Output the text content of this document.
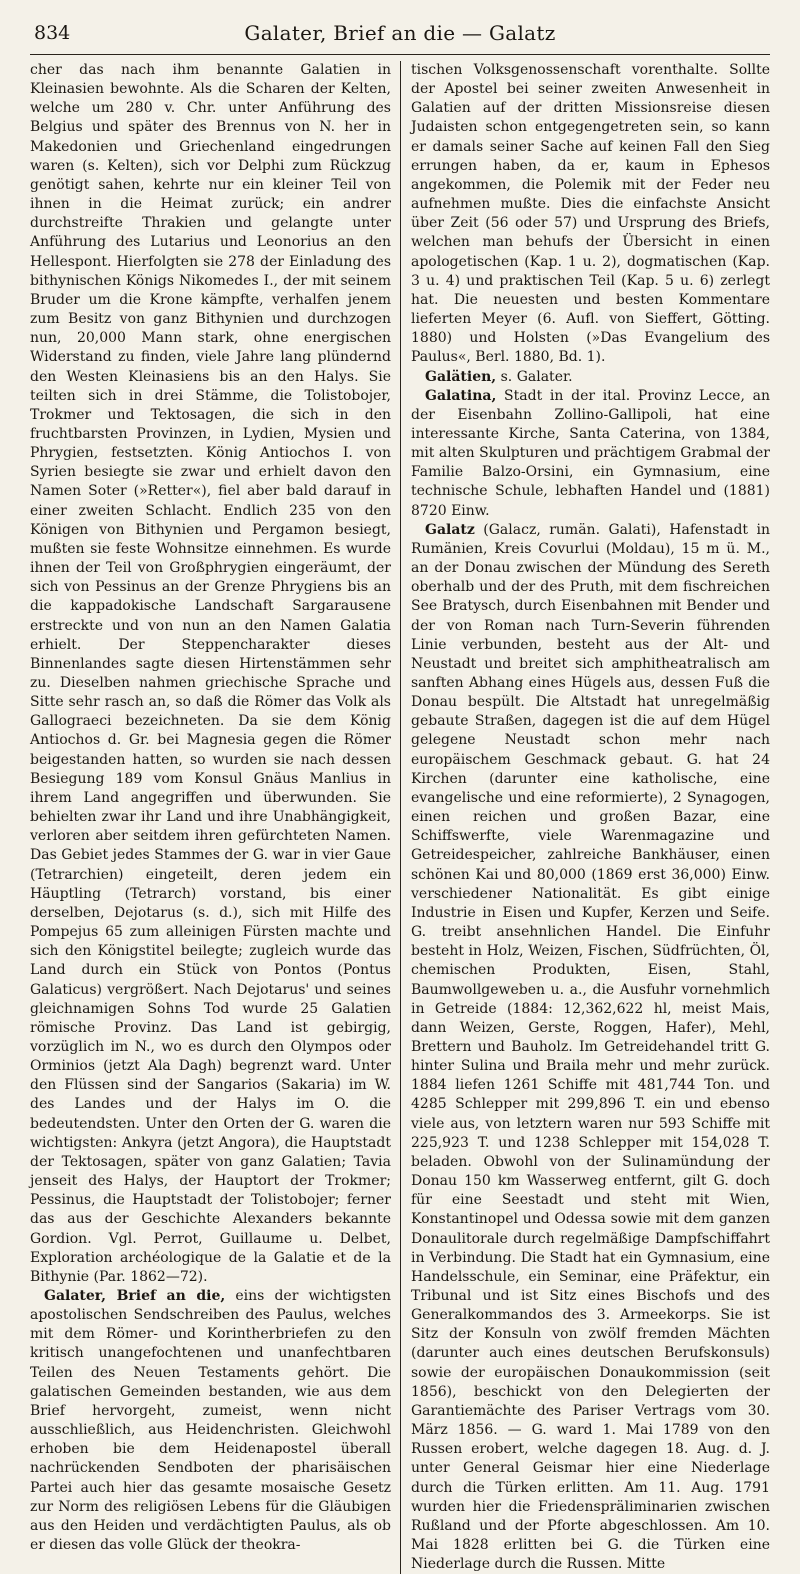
834	Galater, Brief an die — Galatz

cher das nach ihm benannte Galatien in Kleinasien bewohnte. Als die Scharen der Kelten, welche um 280 v. Chr. unter Anführung des Belgius und später des Brennus von N. her in Makedonien und Griechenland eingedrungen waren (s. Kelten), sich vor Delphi zum Rückzug genötigt sahen, kehrte nur ein kleiner Teil von ihnen in die Heimat zurück; ein andrer durchstreifte Thrakien und gelangte unter Anführung des Lutarius und Leonorius an den Hellespont. Hierfolgten sie 278 der Einladung des bithynischen Königs Nikomedes I., der mit seinem Bruder um die Krone kämpfte, verhalfen jenem zum Besitz von ganz Bithynien und durchzogen nun, 20,000 Mann stark, ohne energischen Widerstand zu finden, viele Jahre lang plündernd den Westen Kleinasiens bis an den Halys. Sie teilten sich in drei Stämme, die Tolistobojer, Trokmer und Tektosagen, die sich in den fruchtbarsten Provinzen, in Lydien, Mysien und Phrygien, festsetzten. König Antiochos I. von Syrien besiegte sie zwar und erhielt davon den Namen Soter (»Retter«), fiel aber bald darauf in einer zweiten Schlacht. Endlich 235 von den Königen von Bithynien und Pergamon besiegt, mußten sie feste Wohnsitze einnehmen. Es wurde ihnen der Teil von Großphrygien eingeräumt, der sich von Pessinus an der Grenze Phrygiens bis an die kappadokische Landschaft Sargarausene erstreckte und von nun an den Namen Galatia erhielt. Der Steppencharakter dieses Binnenlandes sagte diesen Hirtenstämmen sehr zu. Dieselben nahmen griechische Sprache und Sitte sehr rasch an, so daß die Römer das Volk als Gallograeci bezeichneten. Da sie dem König Antiochos d. Gr. bei Magnesia gegen die Römer beigestanden hatten, so wurden sie nach dessen Besiegung 189 vom Konsul Gnäus Manlius in ihrem Land angegriffen und überwunden. Sie behielten zwar ihr Land und ihre Unabhängigkeit, verloren aber seitdem ihren gefürchteten Namen. Das Gebiet jedes Stammes der G. war in vier Gaue (Tetrarchien) eingeteilt, deren jedem ein Häuptling (Tetrarch) vorstand, bis einer derselben, Dejotarus (s. d.), sich mit Hilfe des Pompejus 65 zum alleinigen Fürsten machte und sich den Königstitel beilegte; zugleich wurde das Land durch ein Stück von Pontos (Pontus Galaticus) vergrößert. Nach Dejotarus' und seines gleichnamigen Sohns Tod wurde 25 Galatien römische Provinz. Das Land ist gebirgig, vorzüglich im N., wo es durch den Olympos oder Orminios (jetzt Ala Dagh) begrenzt ward. Unter den Flüssen sind der Sangarios (Sakaria) im W. des Landes und der Halys im O. die bedeutendsten. Unter den Orten der G. waren die wichtigsten: Ankyra (jetzt Angora), die Hauptstadt der Tektosagen, später von ganz Galatien; Tavia jenseit des Halys, der Hauptort der Trokmer; Pessinus, die Hauptstadt der Tolistobojer; ferner das aus der Geschichte Alexanders bekannte Gordion. Vgl. Perrot, Guillaume u. Delbet, Exploration archéologique de la Galatie et de la Bithynie (Par. 1862—72).

Galater, Brief an die, eins der wichtigsten apostolischen Sendschreiben des Paulus, welches mit dem Römer- und Korintherbriefen zu den kritisch unangefochtenen und unanfechtbaren Teilen des Neuen Testaments gehört. Die galatischen Gemeinden bestanden, wie aus dem Brief hervorgeht, zumeist, wenn nicht ausschließlich, aus Heidenchristen. Gleichwohl erhoben bie dem Heidenapostel überall nachrückenden Sendboten der pharisäischen Partei auch hier das gesamte mosaische Gesetz zur Norm des religiösen Lebens für die Gläubigen aus den Heiden und verdächtigten Paulus, als ob er diesen das volle Glück der theokra-

tischen Volksgenossenschaft vorenthalte. Sollte der Apostel bei seiner zweiten Anwesenheit in Galatien auf der dritten Missionsreise diesen Judaisten schon entgegengetreten sein, so kann er damals seiner Sache auf keinen Fall den Sieg errungen haben, da er, kaum in Ephesos angekommen, die Polemik mit der Feder neu aufnehmen mußte. Dies die einfachste Ansicht über Zeit (56 oder 57) und Ursprung des Briefs, welchen man behufs der Übersicht in einen apologetischen (Kap. 1 u. 2), dogmatischen (Kap. 3 u. 4) und praktischen Teil (Kap. 5 u. 6) zerlegt hat. Die neuesten und besten Kommentare lieferten Meyer (6. Aufl. von Sieffert, Götting. 1880) und Holsten (»Das Evangelium des Paulus«, Berl. 1880, Bd. 1).

Galätien, s. Galater.

Galatina, Stadt in der ital. Provinz Lecce, an der Eisenbahn Zollino-Gallipoli, hat eine interessante Kirche, Santa Caterina, von 1384, mit alten Skulpturen und prächtigem Grabmal der Familie Balzo-Orsini, ein Gymnasium, eine technische Schule, lebhaften Handel und (1881) 8720 Einw.

Galatz (Galacz, rumän. Galati), Hafenstadt in Rumänien, Kreis Covurlui (Moldau), 15 m ü. M., an der Donau zwischen der Mündung des Sereth oberhalb und der des Pruth, mit dem fischreichen See Bratysch, durch Eisenbahnen mit Bender und der von Roman nach Turn-Severin führenden Linie verbunden, besteht aus der Alt- und Neustadt und breitet sich amphitheatralisch am sanften Abhang eines Hügels aus, dessen Fuß die Donau bespült. Die Altstadt hat unregelmäßig gebaute Straßen, dagegen ist die auf dem Hügel gelegene Neustadt schon mehr nach europäischem Geschmack gebaut. G. hat 24 Kirchen (darunter eine katholische, eine evangelische und eine reformierte), 2 Synagogen, einen reichen und großen Bazar, eine Schiffswerfte, viele Warenmagazine und Getreidespeicher, zahlreiche Bankhäuser, einen schönen Kai und 80,000 (1869 erst 36,000) Einw. verschiedener Nationalität. Es gibt einige Industrie in Eisen und Kupfer, Kerzen und Seife. G. treibt ansehnlichen Handel. Die Einfuhr besteht in Holz, Weizen, Fischen, Südfrüchten, Öl, chemischen Produkten, Eisen, Stahl, Baumwollgeweben u. a., die Ausfuhr vornehmlich in Getreide (1884: 12,362,622 hl, meist Mais, dann Weizen, Gerste, Roggen, Hafer), Mehl, Brettern und Bauholz. Im Getreidehandel tritt G. hinter Sulina und Braila mehr und mehr zurück. 1884 liefen 1261 Schiffe mit 481,744 Ton. und 4285 Schlepper mit 299,896 T. ein und ebenso viele aus, von letztern waren nur 593 Schiffe mit 225,923 T. und 1238 Schlepper mit 154,028 T. beladen. Obwohl von der Sulinamündung der Donau 150 km Wasserweg entfernt, gilt G. doch für eine Seestadt und steht mit Wien, Konstantinopel und Odessa sowie mit dem ganzen Donaulitorale durch regelmäßige Dampfschiffahrt in Verbindung. Die Stadt hat ein Gymnasium, eine Handelsschule, ein Seminar, eine Präfektur, ein Tribunal und ist Sitz eines Bischofs und des Generalkommandos des 3. Armeekorps. Sie ist Sitz der Konsuln von zwölf fremden Mächten (darunter auch eines deutschen Berufskonsuls) sowie der europäischen Donaukommission (seit 1856), beschickt von den Delegierten der Garantiemächte des Pariser Vertrags vom 30. März 1856. — G. ward 1. Mai 1789 von den Russen erobert, welche dagegen 18. Aug. d. J. unter General Geismar hier eine Niederlage durch die Türken erlitten. Am 11. Aug. 1791 wurden hier die Friedenspräliminarien zwischen Rußland und der Pforte abgeschlossen. Am 10. Mai 1828 erlitten bei G. die Türken eine Niederlage durch die Russen. Mitte
